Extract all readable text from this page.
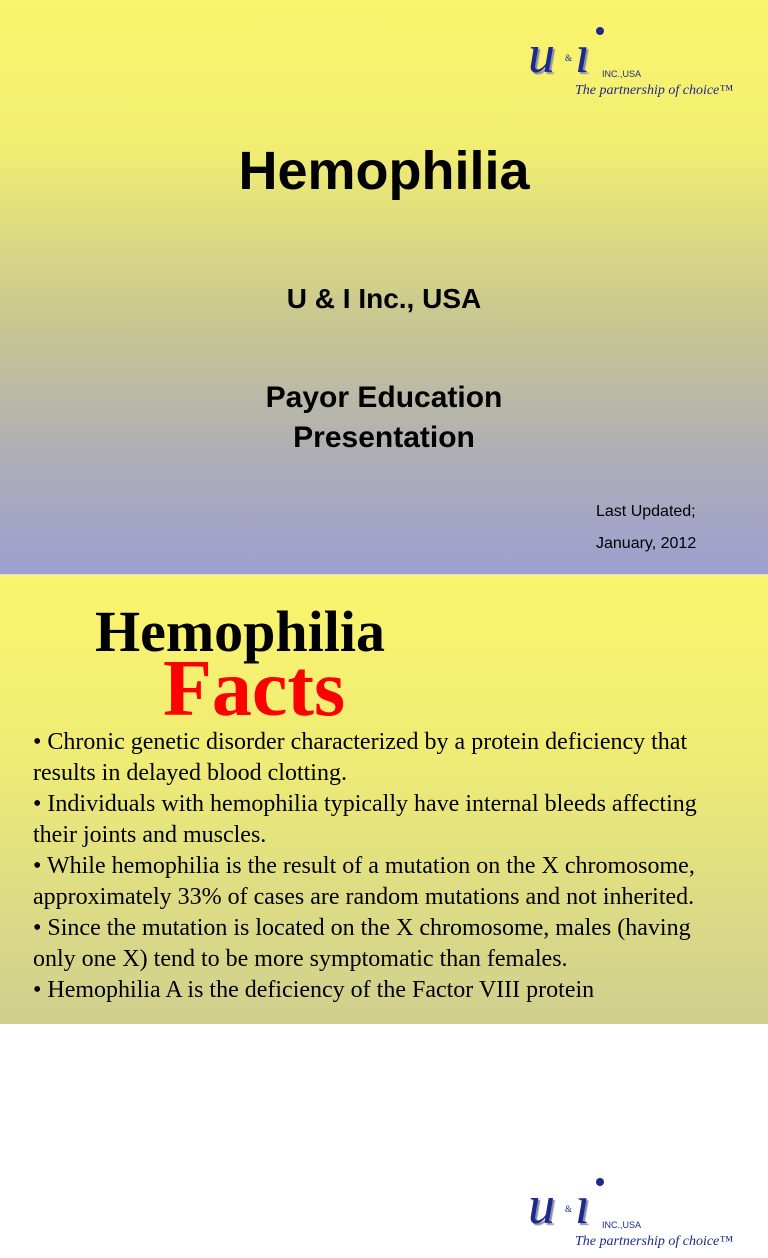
u & ı INC.,USA
The partnership of choice™
Hemophilia
U & I Inc., USA
Payor Education
Presentation
Last Updated;
January, 2012
Hemophilia
Facts
u & ı INC.,USA
The partnership of choice™
• Chronic genetic disorder characterized by a protein deficiency that results in delayed blood clotting.
• Individuals with hemophilia typically have internal bleeds affecting their joints and muscles.
• While hemophilia is the result of a mutation on the X chromosome, approximately 33% of cases are random mutations and not inherited.
• Since the mutation is located on the X chromosome, males (having only one X) tend to be more symptomatic than females.
• Hemophilia A is the deficiency of the Factor VIII protein
